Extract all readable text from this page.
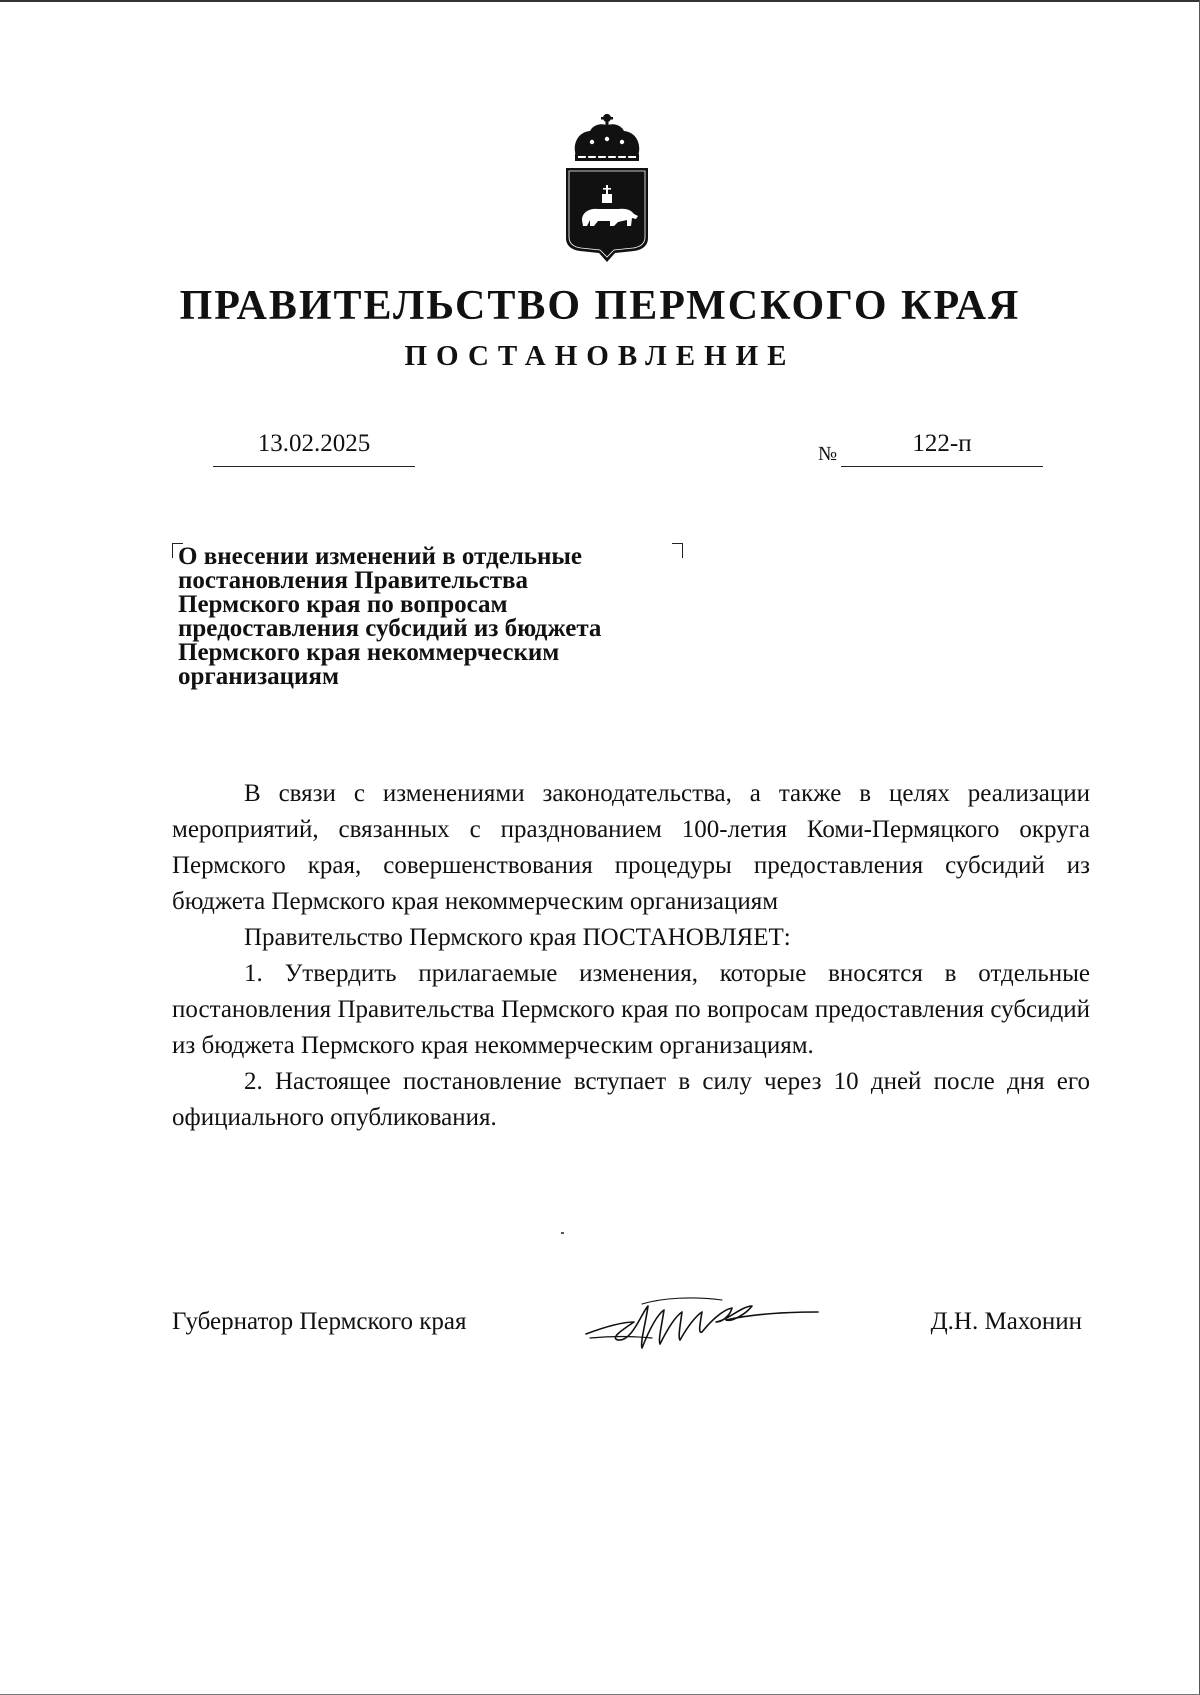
ПРАВИТЕЛЬСТВО ПЕРМСКОГО КРАЯ
ПОСТАНОВЛЕНИЕ
13.02.2025	№	122-п
О внесении изменений в отдельные
постановления Правительства
Пермского края по вопросам
предоставления субсидий из бюджета
Пермского края некоммерческим
организациям

В связи с изменениями законодательства, а также в целях реализации мероприятий, связанных с празднованием 100-летия Коми-Пермяцкого округа Пермского края, совершенствования процедуры предоставления субсидий из бюджета Пермского края некоммерческим организациям

Правительство Пермского края ПОСТАНОВЛЯЕТ:

1. Утвердить прилагаемые изменения, которые вносятся в отдельные постановления Правительства Пермского края по вопросам предоставления субсидий из бюджета Пермского края некоммерческим организациям.

2. Настоящее постановление вступает в силу через 10 дней после дня его официального опубликования.

Губернатор Пермского края	Д.Н. Махонин
